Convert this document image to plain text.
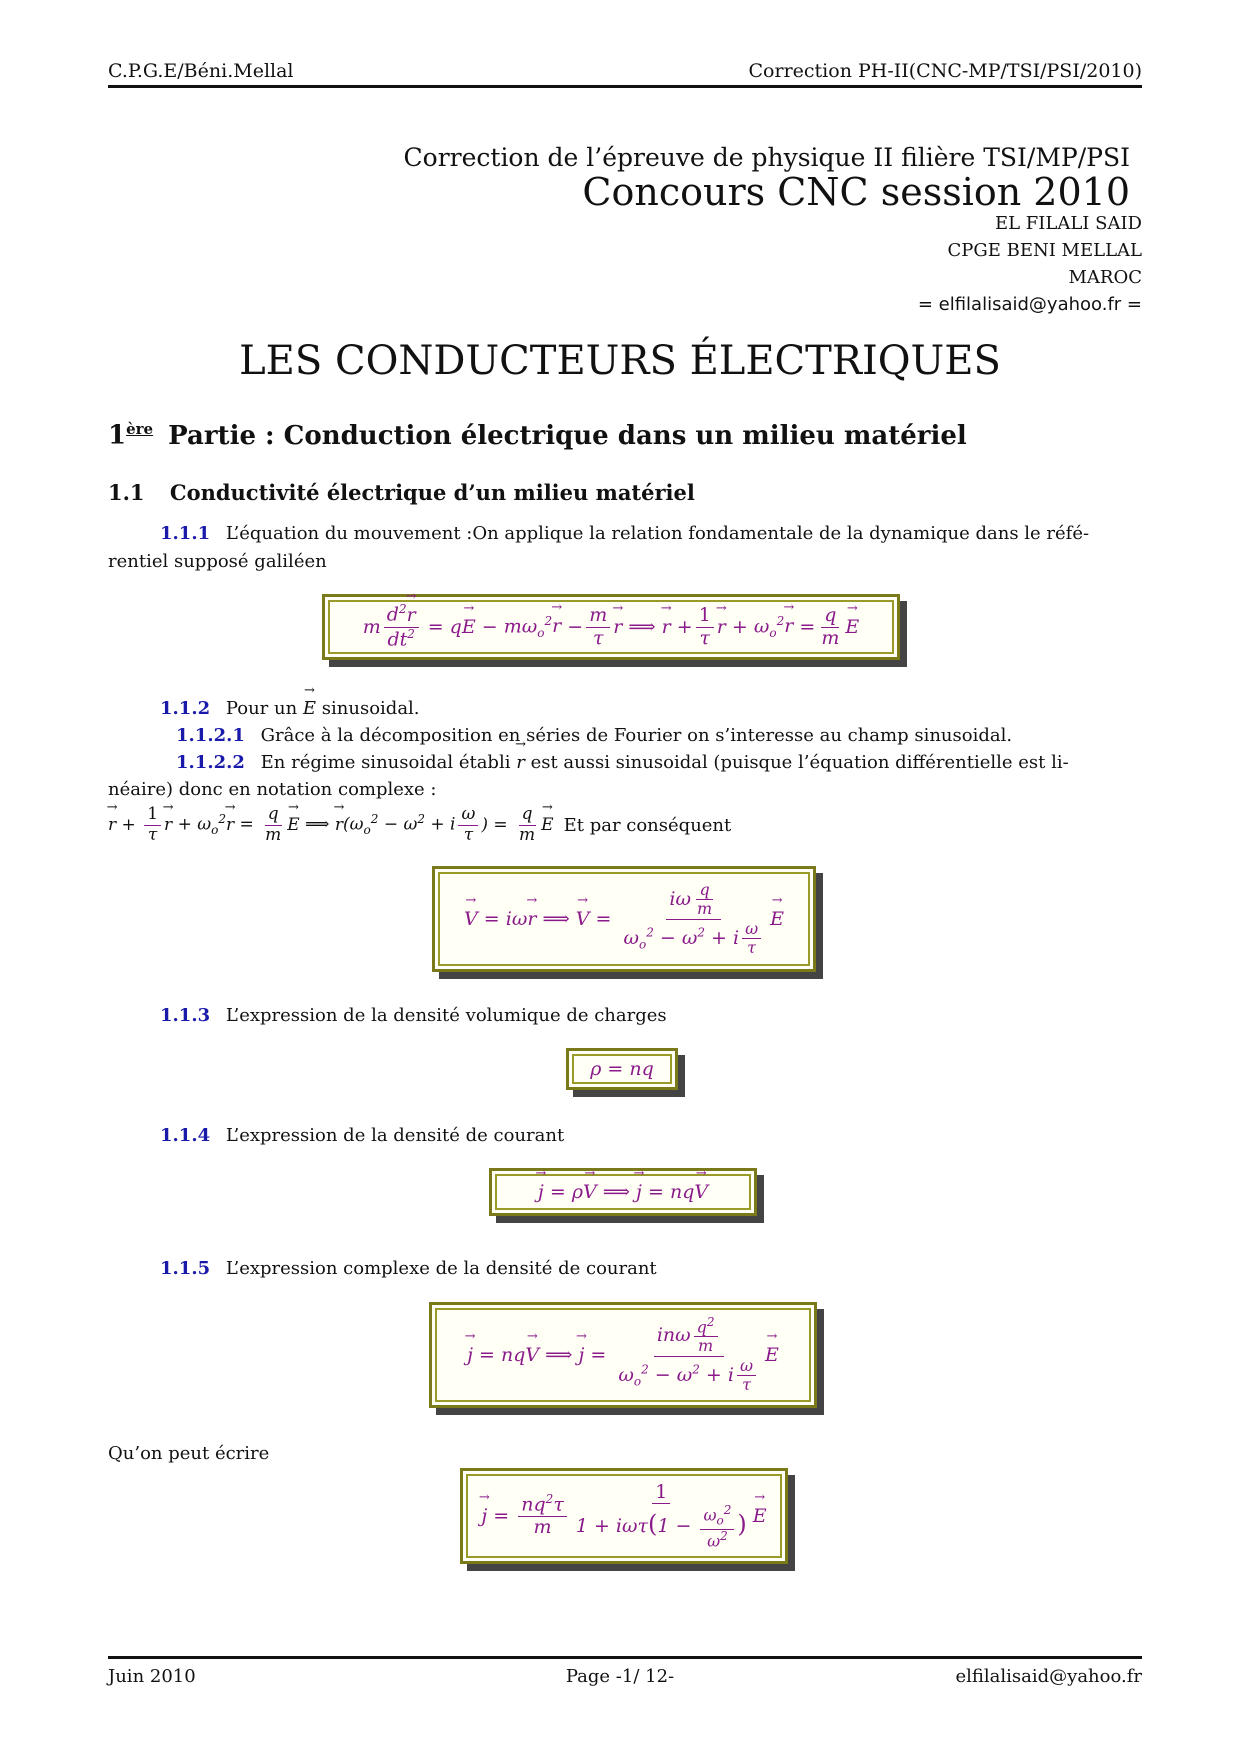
C.P.G.E/Béni.Mellal	Correction PH-II(CNC-MP/TSI/PSI/2010)
Correction de l’épreuve de physique II filière TSI/MP/PSI
Concours CNC session 2010
EL FILALI SAID
CPGE BENI MELLAL
MAROC
= elfilalisaid@yahoo.fr =
LES CONDUCTEURS ÉLECTRIQUES
1ère Partie : Conduction électrique dans un milieu matériel
1.1 Conductivité électrique d’un milieu matériel
1.1.1 L’équation du mouvement :On applique la relation fondamentale de la dynamique dans le réfé-
rentiel supposé galiléen
m $\frac{d^2\to r}{dt^2} = q\to E - m\omega_o^2\to r - \frac{m}{\tau}$
→ r ⟹
→ $r + \frac{1}{\tau}$
→ $r + \omega_o^2\to r = \frac{q}{m}$
→ E
1.1.2 Pour un → E sinusoidal.
1.1.2.1 Grâce à la décomposition en séries de Fourier on s’interesse au champ sinusoidal.
1.1.2.2 En régime sinusoidal établi → r est aussi sinusoidal (puisque l’équation différentielle est li-
néaire) donc en notation complexe :
→ $r + \frac{1}{\tau}$
→ $r + \omega_o^2\to r = \frac{q}{m}$
→ E ⟹ → $r(\omega_o^2 - \omega^2 + i \frac{\omega}{\tau}$ ) = $\frac{q}{m}$
→ E Et par conséquent
→ V = iω→ r ⟹
→ $V = \frac{i\omega \frac{q}{m}}{\omega_o^2 - \omega^2 + i \frac{\omega}{\tau}}$
→ E
1.1.3 L’expression de la densité volumique de charges
ρ = nq
1.1.4 L’expression de la densité de courant
→ j = ρ→ V ⟹
→ j = nq→ V
1.1.5 L’expression complexe de la densité de courant
→ j = nq→ V ⟹
→ $j = \frac{in\omega \frac{q^2}{m}}{\omega_o^2 - \omega^2 + i \frac{\omega}{\tau}}$
→ E
Qu’on peut écrire
→ $j = \frac{nq^2\tau}{m} \frac{1}{1 + i\omega\tau(1 - \frac{\omega_o^2}{\omega^2} )}$
→ E
Juin 2010	Page -1/ 12-	elfilalisaid@yahoo.fr
